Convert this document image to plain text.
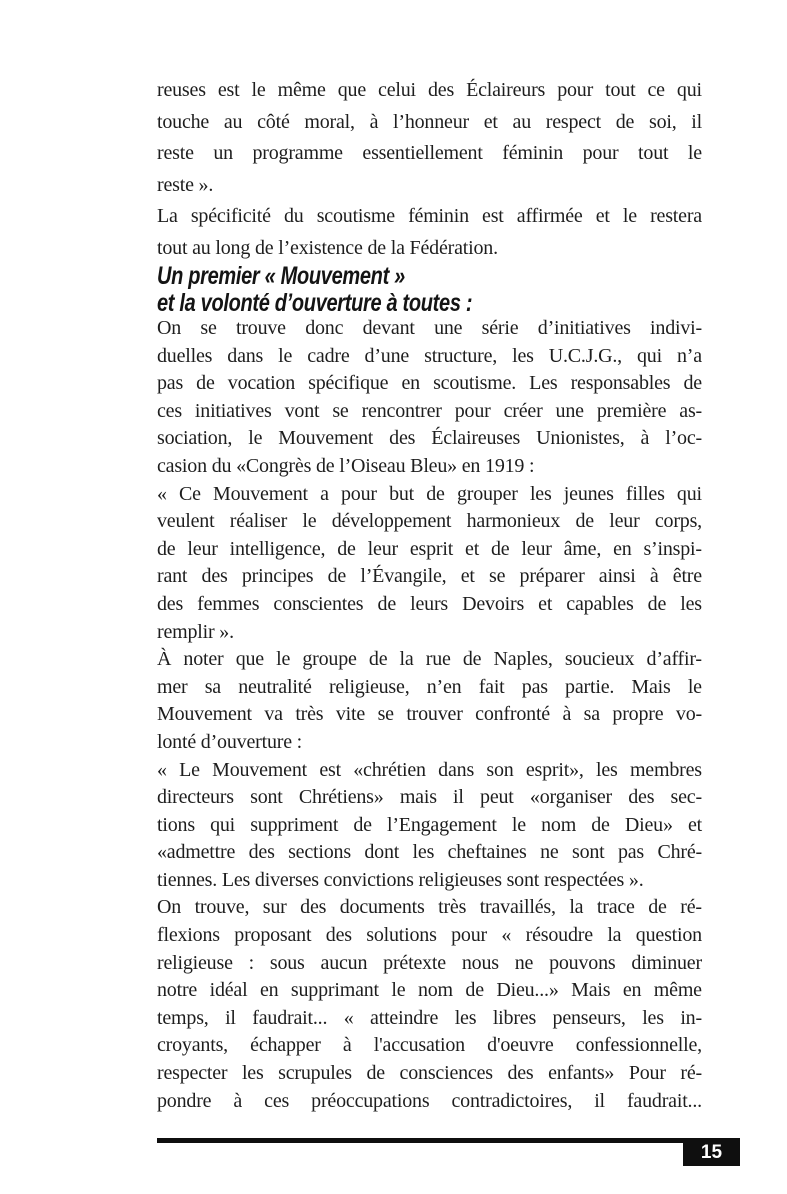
reuses est le même que celui des Éclaireurs pour tout ce qui
touche au côté moral, à l’honneur et au respect de soi, il
reste un programme essentiellement féminin pour tout le
reste ».
La spécificité du scoutisme féminin est affirmée et le restera
tout au long de l’existence de la Fédération.
Un premier « Mouvement »
et la volonté d’ouverture à toutes :
On se trouve donc devant une série d’initiatives indivi-
duelles dans le cadre d’une structure, les U.C.J.G., qui n’a
pas de vocation spécifique en scoutisme. Les responsables de
ces initiatives vont se rencontrer pour créer une première as-
sociation, le Mouvement des Éclaireuses Unionistes, à l’oc-
casion du «Congrès de l’Oiseau Bleu» en 1919 :
« Ce Mouvement a pour but de grouper les jeunes filles qui
veulent réaliser le développement harmonieux de leur corps,
de leur intelligence, de leur esprit et de leur âme, en s’inspi-
rant des principes de l’Évangile, et se préparer ainsi à être
des femmes conscientes de leurs Devoirs et capables de les
remplir ».
À noter que le groupe de la rue de Naples, soucieux d’affir-
mer sa neutralité religieuse, n’en fait pas partie. Mais le
Mouvement va très vite se trouver confronté à sa propre vo-
lonté d’ouverture :
« Le Mouvement est «chrétien dans son esprit», les membres
directeurs sont Chrétiens» mais il peut «organiser des sec-
tions qui suppriment de l’Engagement le nom de Dieu» et
«admettre des sections dont les cheftaines ne sont pas Chré-
tiennes. Les diverses convictions religieuses sont respectées ».
On trouve, sur des documents très travaillés, la trace de ré-
flexions proposant des solutions pour « résoudre la question
religieuse : sous aucun prétexte nous ne pouvons diminuer
notre idéal en supprimant le nom de Dieu...» Mais en même
temps, il faudrait... « atteindre les libres penseurs, les in-
croyants, échapper à l'accusation d'oeuvre confessionnelle,
respecter les scrupules de consciences des enfants» Pour ré-
pondre à ces préoccupations contradictoires, il faudrait...
15
